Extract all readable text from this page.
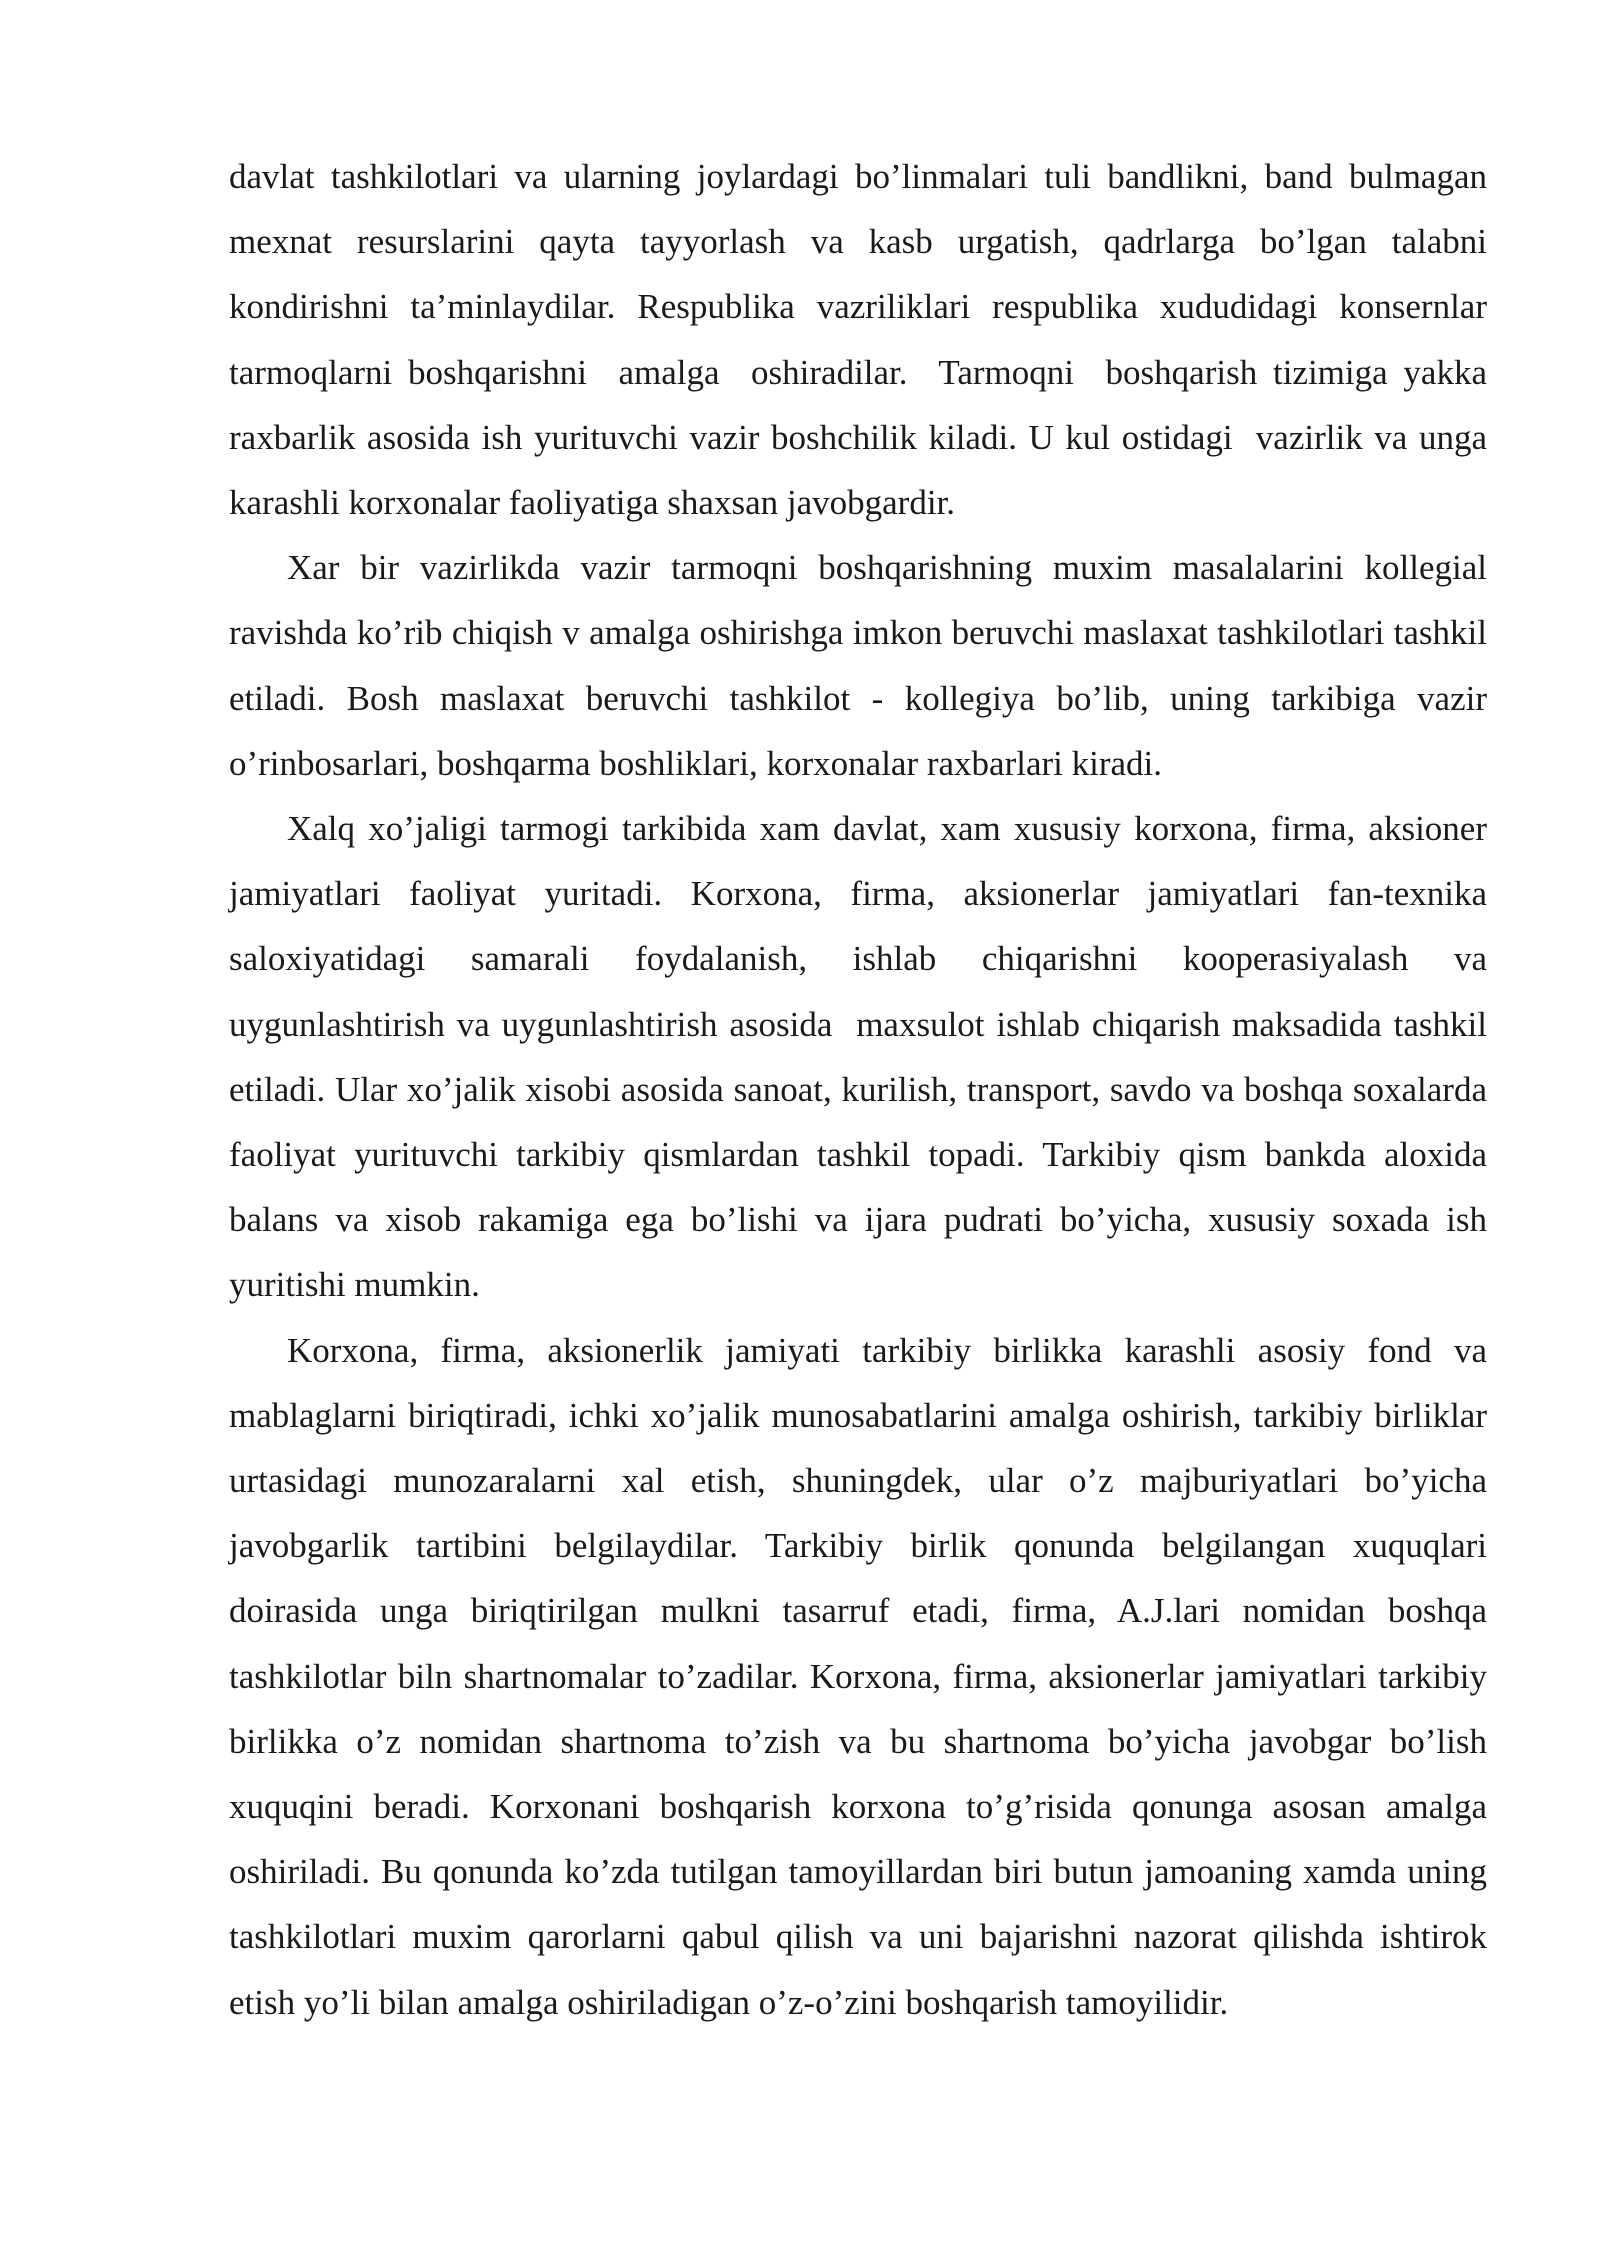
davlat tashkilotlari va ularning joylardagi bo’linmalari tuli bandlikni, band bulmagan mexnat resurslarini qayta tayyorlash va kasb urgatish, qadrlarga bo’lgan talabni kondirishni ta’minlaydilar. Respublika vazriliklari respublika xududidagi konsernlar tarmoqlarni boshqarishni  amalga  oshiradilar.  Tarmoqni  boshqarish tizimiga yakka raxbarlik asosida ish yurituvchi vazir boshchilik kiladi. U kul ostidagi  vazirlik va unga karashli korxonalar faoliyatiga shaxsan javobgardir.

Xar bir vazirlikda vazir tarmoqni boshqarishning muxim masalalarini kollegial ravishda ko’rib chiqish v amalga oshirishga imkon beruvchi maslaxat tashkilotlari tashkil etiladi. Bosh maslaxat beruvchi tashkilot - kollegiya bo’lib, uning tarkibiga vazir o’rinbosarlari, boshqarma boshliklari, korxonalar raxbarlari kiradi.

Xalq xo’jaligi tarmogi tarkibida xam davlat, xam xususiy korxona, firma, aksioner jamiyatlari faoliyat yuritadi. Korxona, firma, aksionerlar jamiyatlari fan-texnika saloxiyatidagi samarali foydalanish, ishlab chiqarishni kooperasiyalash va uygunlashtirish va uygunlashtirish asosida  maxsulot ishlab chiqarish maksadida tashkil etiladi. Ular xo’jalik xisobi asosida sanoat, kurilish, transport, savdo va boshqa soxalarda faoliyat yurituvchi tarkibiy qismlardan tashkil topadi. Tarkibiy qism bankda aloxida balans va xisob rakamiga ega bo’lishi va ijara pudrati bo’yicha, xususiy soxada ish yuritishi mumkin.

Korxona, firma, aksionerlik jamiyati tarkibiy birlikka karashli asosiy fond va mablaglarni biriqtiradi, ichki xo’jalik munosabatlarini amalga oshirish, tarkibiy birliklar urtasidagi munozaralarni xal etish, shuningdek, ular o’z majburiyatlari bo’yicha javobgarlik tartibini belgilaydilar. Tarkibiy birlik qonunda belgilangan xuquqlari doirasida unga biriqtirilgan mulkni tasarruf etadi, firma, A.J.lari nomidan boshqa tashkilotlar biln shartnomalar to’zadilar. Korxona, firma, aksionerlar jamiyatlari tarkibiy birlikka o’z nomidan shartnoma to’zish va bu shartnoma bo’yicha javobgar bo’lish xuquqini beradi. Korxonani boshqarish korxona to’g’risida qonunga asosan amalga oshiriladi. Bu qonunda ko’zda tutilgan tamoyillardan biri butun jamoaning xamda uning tashkilotlari muxim qarorlarni qabul qilish va uni bajarishni nazorat qilishda ishtirok etish yo’li bilan amalga oshiriladigan o’z-o’zini boshqarish tamoyilidir.
